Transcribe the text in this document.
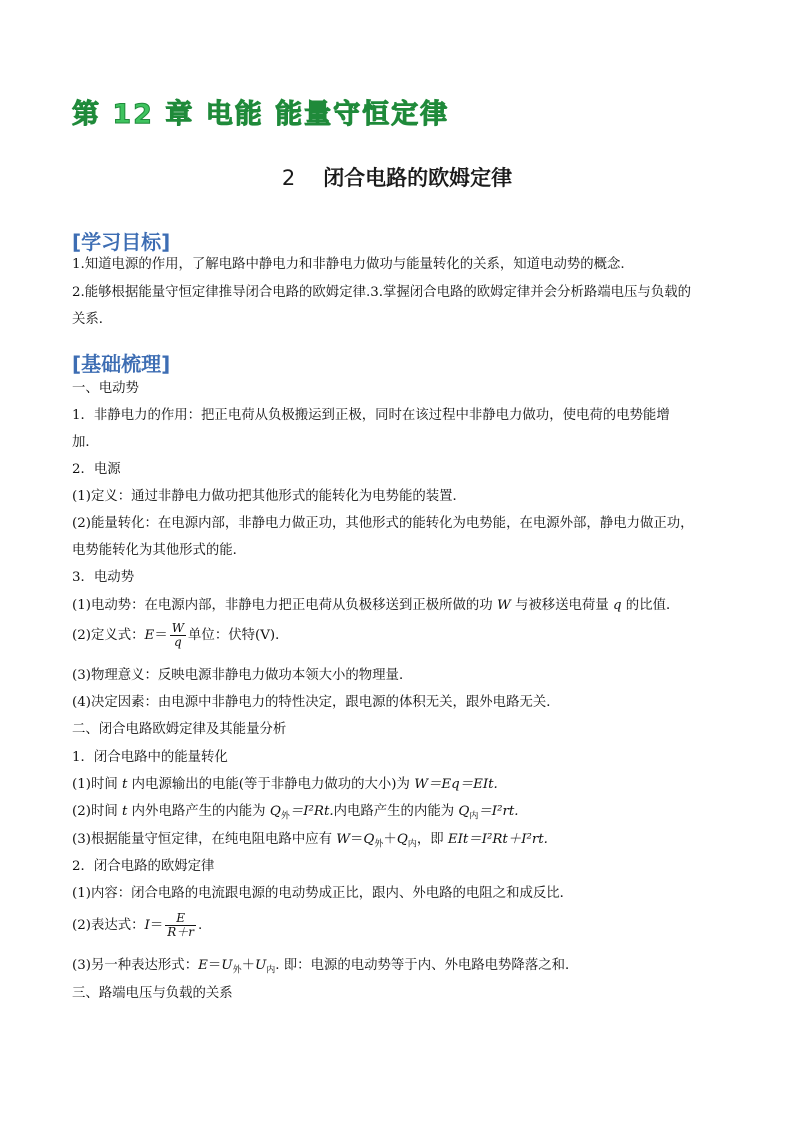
第 12 章 电能 能量守恒定律
2 闭合电路的欧姆定律
[学习目标]
1.知道电源的作用，了解电路中静电力和非静电力做功与能量转化的关系，知道电动势的概念.
2.能够根据能量守恒定律推导闭合电路的欧姆定律.3.掌握闭合电路的欧姆定律并会分析路端电压与负载的
关系．
[基础梳理]
一、电动势
1．非静电力的作用：把正电荷从负极搬运到正极，同时在该过程中非静电力做功，使电荷的电势能增
加．
2．电源
(1)定义：通过非静电力做功把其他形式的能转化为电势能的装置．
(2)能量转化：在电源内部，非静电力做正功，其他形式的能转化为电势能，在电源外部，静电力做正功，
电势能转化为其他形式的能．
3．电动势
(1)电动势：在电源内部，非静电力把正电荷从负极移送到正极所做的功 W 与被移送电荷量 q 的比值．
(2)定义式：$E= \frac{W}{q}$ 单位：伏特(V)．
(3)物理意义：反映电源非静电力做功本领大小的物理量．
(4)决定因素：由电源中非静电力的特性决定，跟电源的体积无关，跟外电路无关．
二、闭合电路欧姆定律及其能量分析
1．闭合电路中的能量转化
(1)时间 t 内电源输出的电能(等于非静电力做功的大小)为 W＝Eq＝EIt.
(2)时间 t 内外电路产生的内能为 $Q_外=I^2Rt$.内电路产生的内能为 $Q_内=I^2rt$.
(3)根据能量守恒定律，在纯电阻电路中应有 $W=Q_外+Q_内$，即 EIt＝I²Rt＋I²rt.
2．闭合电路的欧姆定律
(1)内容：闭合电路的电流跟电源的电动势成正比，跟内、外电路的电阻之和成反比．
(2)表达式：$I= \frac{E}{R+r}$ .
(3)另一种表达形式：$E=U_外+U_内$. 即：电源的电动势等于内、外电路电势降落之和．
三、路端电压与负载的关系
